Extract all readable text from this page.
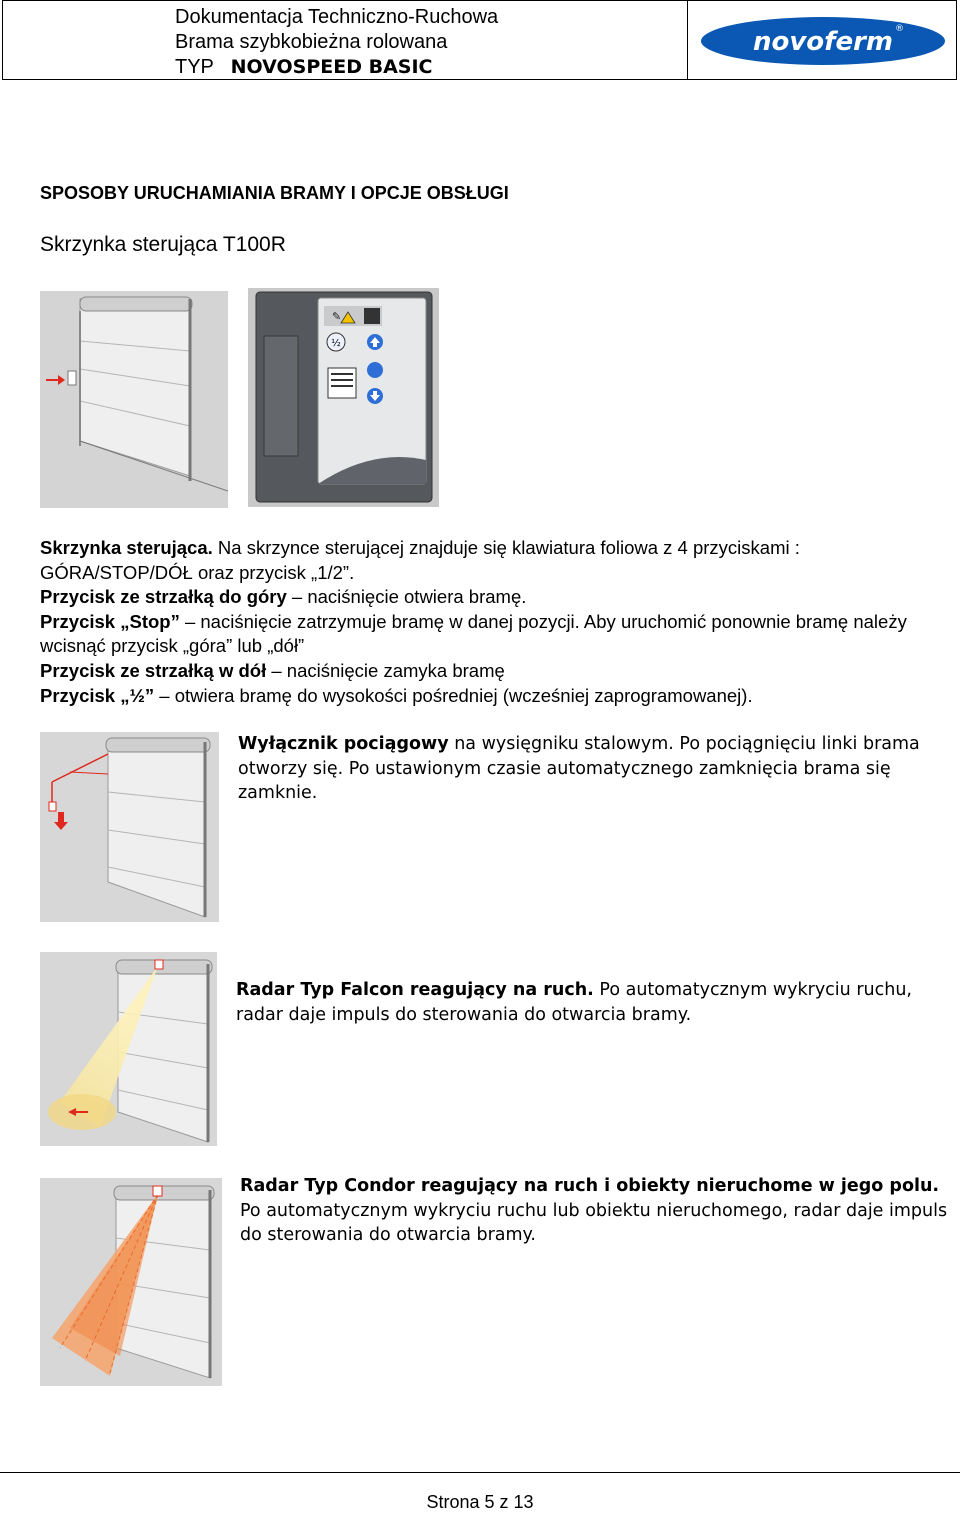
Dokumentacja Techniczno-Ruchowa
Brama szybkobieżna rolowana
TYP NOVOSPEED BASIC
novoferm ®
SPOSOBY URUCHAMIANIA BRAMY I OPCJE OBSŁUGI
Skrzynka sterująca T100R
✎
½
Skrzynka sterująca. Na skrzynce sterującej znajduje się klawiatura foliowa z 4 przyciskami : GÓRA/STOP/DÓŁ oraz przycisk „1/2”.
Przycisk ze strzałką do góry – naciśnięcie otwiera bramę.
Przycisk „Stop” – naciśnięcie zatrzymuje bramę w danej pozycji. Aby uruchomić ponownie bramę należy wcisnąć przycisk „góra” lub „dół”
Przycisk ze strzałką w dół – naciśnięcie zamyka bramę
Przycisk „½” – otwiera bramę do wysokości pośredniej (wcześniej zaprogramowanej).
Wyłącznik pociągowy na wysięgniku stalowym. Po pociągnięciu linki brama otworzy się. Po ustawionym czasie automatycznego zamknięcia brama się zamknie.
Radar Typ Falcon reagujący na ruch. Po automatycznym wykryciu ruchu, radar daje impuls do sterowania do otwarcia bramy.
Radar Typ Condor reagujący na ruch i obiekty nieruchome w jego polu. Po automatycznym wykryciu ruchu lub obiektu nieruchomego, radar daje impuls do sterowania do otwarcia bramy.
Strona 5 z 13
